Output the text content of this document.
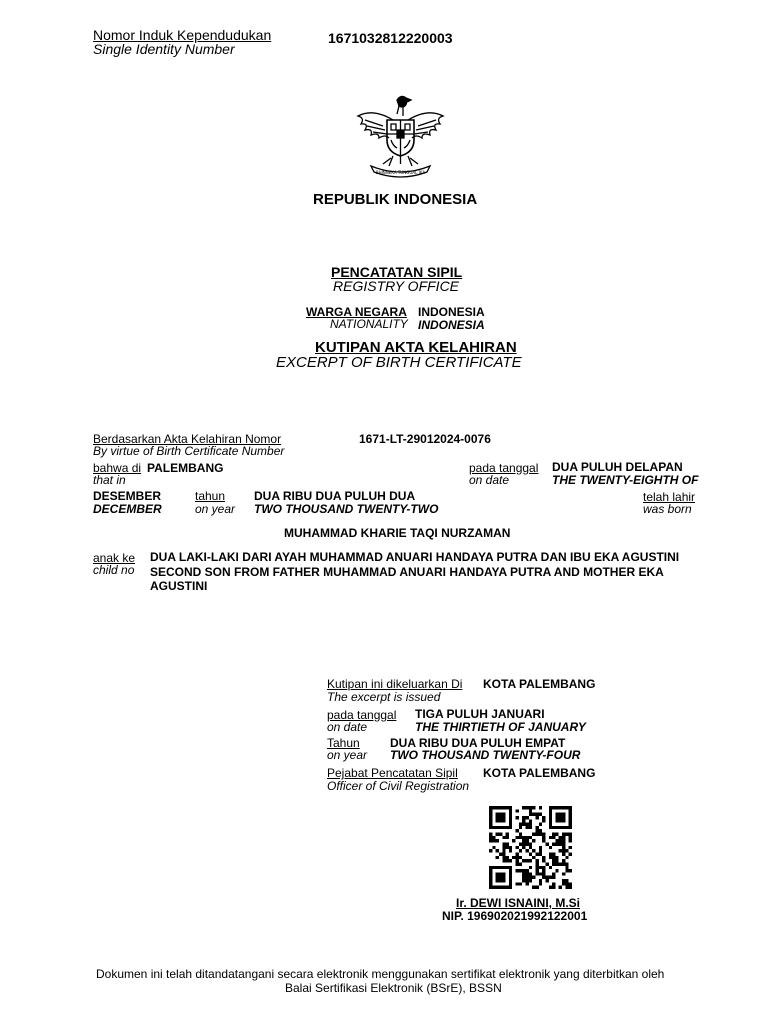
Nomor Induk Kependudukan
Single Identity Number
1671032812220003
BHINNEKA TUNGGAL IKA
REPUBLIK INDONESIA
PENCATATAN SIPIL
REGISTRY OFFICE
WARGA NEGARA INDONESIA
NATIONALITY INDONESIA
KUTIPAN AKTA KELAHIRAN
EXCERPT OF BIRTH CERTIFICATE
Berdasarkan Akta Kelahiran Nomor
By virtue of Birth Certificate Number
1671-LT-29012024-0076
bahwa di PALEMBANG
that in
pada tanggal
on date
DUA PULUH DELAPAN
THE TWENTY-EIGHTH OF
DESEMBER
DECEMBER
tahun
on year
DUA RIBU DUA PULUH DUA
TWO THOUSAND TWENTY-TWO
telah lahir
was born
MUHAMMAD KHARIE TAQI NURZAMAN
anak ke
child no
DUA LAKI-LAKI DARI AYAH MUHAMMAD ANUARI HANDAYA PUTRA DAN IBU EKA AGUSTINI
SECOND SON FROM FATHER MUHAMMAD ANUARI HANDAYA PUTRA AND MOTHER EKA
AGUSTINI
Kutipan ini dikeluarkan Di
The excerpt is issued
KOTA PALEMBANG
pada tanggal
on date
TIGA PULUH JANUARI
THE THIRTIETH OF JANUARY
Tahun
on year
DUA RIBU DUA PULUH EMPAT
TWO THOUSAND TWENTY-FOUR
Pejabat Pencatatan Sipil
Officer of Civil Registration
KOTA PALEMBANG
Ir. DEWI ISNAINI, M.Si
NIP. 196902021992122001
Dokumen ini telah ditandatangani secara elektronik menggunakan sertifikat elektronik yang diterbitkan oleh
Balai Sertifikasi Elektronik (BSrE), BSSN
